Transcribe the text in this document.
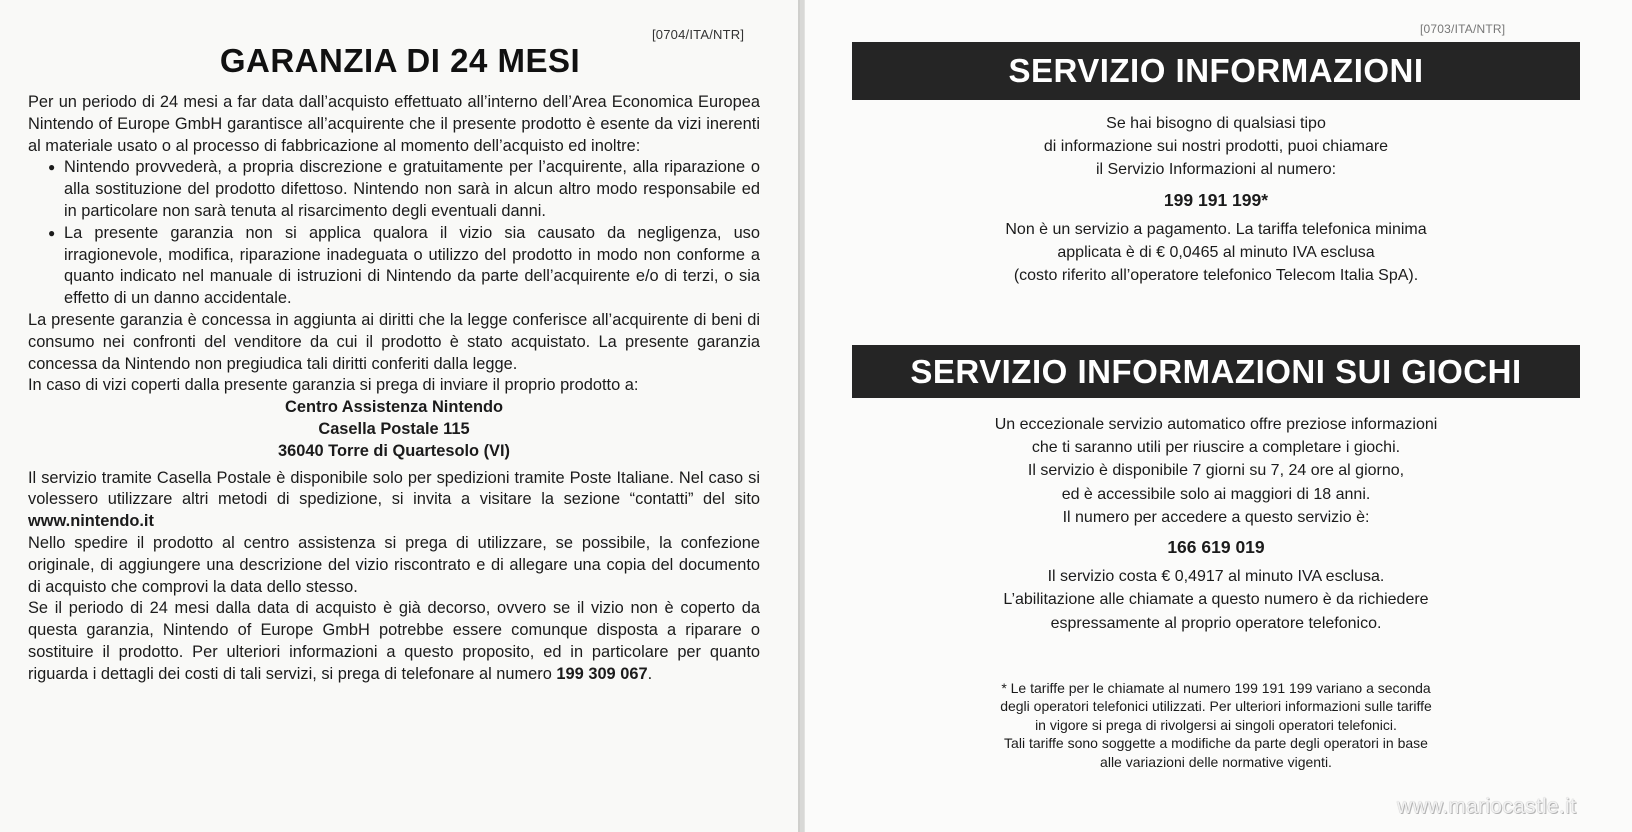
[0704/ITA/NTR]
GARANZIA DI 24 MESI

Per un periodo di 24 mesi a far data dall’acquisto effettuato all’interno dell’Area Economica Europea Nintendo of Europe GmbH garantisce all’acquirente che il presente prodotto è esente da vizi inerenti al materiale usato o al processo di fabbricazione al momento dell’acquisto ed inoltre:

● Nintendo provvederà, a propria discrezione e gratuitamente per l’acquirente, alla riparazione o alla sostituzione del prodotto difettoso. Nintendo non sarà in alcun altro modo responsabile ed in particolare non sarà tenuta al risarcimento degli eventuali danni.
● La presente garanzia non si applica qualora il vizio sia causato da negligenza, uso irragionevole, modifica, riparazione inadeguata o utilizzo del prodotto in modo non conforme a quanto indicato nel manuale di istruzioni di Nintendo da parte dell’acquirente e/o di terzi, o sia effetto di un danno accidentale.

La presente garanzia è concessa in aggiunta ai diritti che la legge conferisce all’acquirente di beni di consumo nei confronti del venditore da cui il prodotto è stato acquistato. La presente garanzia concessa da Nintendo non pregiudica tali diritti conferiti dalla legge.

In caso di vizi coperti dalla presente garanzia si prega di inviare il proprio prodotto a:

Centro Assistenza Nintendo
Casella Postale 115
36040 Torre di Quartesolo (VI)

Il servizio tramite Casella Postale è disponibile solo per spedizioni tramite Poste Italiane. Nel caso si volessero utilizzare altri metodi di spedizione, si invita a visitare la sezione “contatti” del sito www.nintendo.it

Nello spedire il prodotto al centro assistenza si prega di utilizzare, se possibile, la confezione originale, di aggiungere una descrizione del vizio riscontrato e di allegare una copia del documento di acquisto che comprovi la data dello stesso.

Se il periodo di 24 mesi dalla data di acquisto è già decorso, ovvero se il vizio non è coperto da questa garanzia, Nintendo of Europe GmbH potrebbe essere comunque disposta a riparare o sostituire il prodotto. Per ulteriori informazioni a questo proposito, ed in particolare per quanto riguarda i dettagli dei costi di tali servizi, si prega di telefonare al numero 199 309 067.

[0703/ITA/NTR]
SERVIZIO INFORMAZIONI
Se hai bisogno di qualsiasi tipo
di informazione sui nostri prodotti, puoi chiamare
il Servizio Informazioni al numero:
199 191 199*
Non è un servizio a pagamento. La tariffa telefonica minima
applicata è di € 0,0465 al minuto IVA esclusa
(costo riferito all’operatore telefonico Telecom Italia SpA).
SERVIZIO INFORMAZIONI SUI GIOCHI
Un eccezionale servizio automatico offre preziose informazioni
che ti saranno utili per riuscire a completare i giochi.
Il servizio è disponibile 7 giorni su 7, 24 ore al giorno,
ed è accessibile solo ai maggiori di 18 anni.
Il numero per accedere a questo servizio è:
166 619 019
Il servizio costa € 0,4917 al minuto IVA esclusa.
L’abilitazione alle chiamate a questo numero è da richiedere
espressamente al proprio operatore telefonico.
* Le tariffe per le chiamate al numero 199 191 199 variano a seconda
degli operatori telefonici utilizzati. Per ulteriori informazioni sulle tariffe
in vigore si prega di rivolgersi ai singoli operatori telefonici.
Tali tariffe sono soggette a modifiche da parte degli operatori in base
alle variazioni delle normative vigenti.
www.mariocastle.it
